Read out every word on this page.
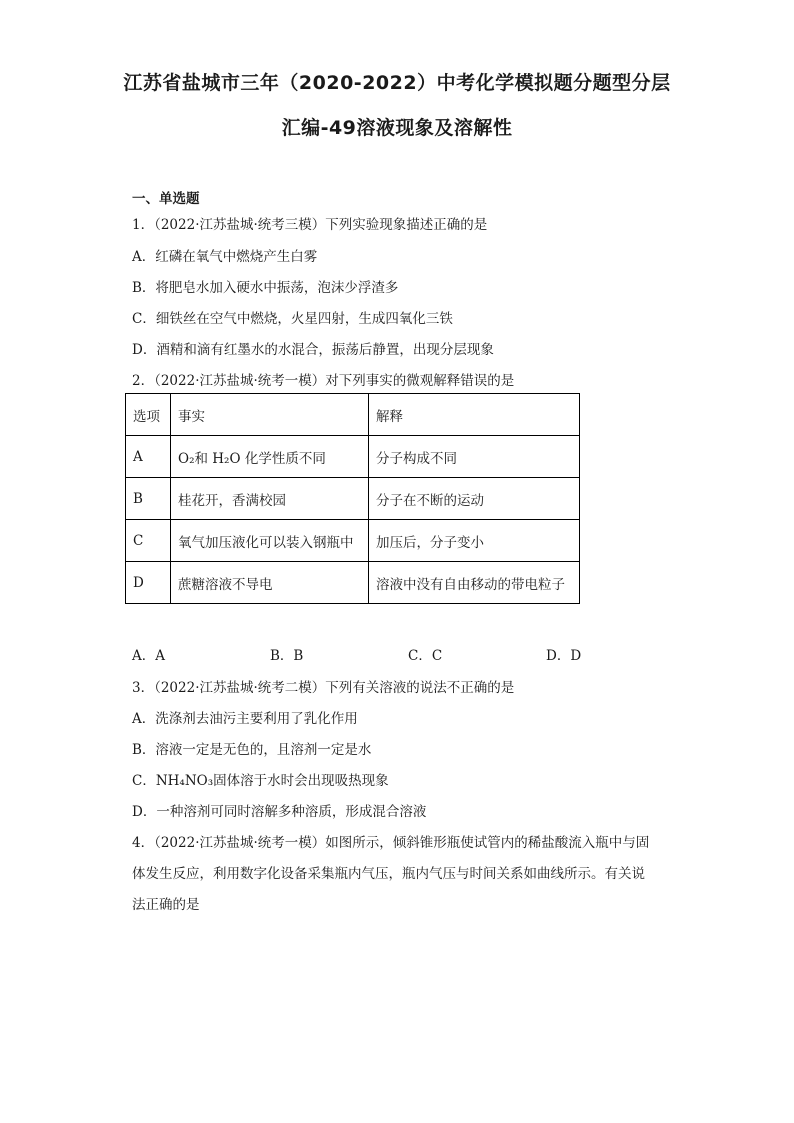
江苏省盐城市三年（2020-2022）中考化学模拟题分题型分层
汇编-49溶液现象及溶解性
一、单选题
1．（2022·江苏盐城·统考三模）下列实验现象描述正确的是
A．红磷在氧气中燃烧产生白雾
B．将肥皂水加入硬水中振荡，泡沫少浮渣多
C．细铁丝在空气中燃烧，火星四射，生成四氧化三铁
D．酒精和滴有红墨水的水混合，振荡后静置，出现分层现象
2．（2022·江苏盐城·统考一模）对下列事实的微观解释错误的是
选项	事实	解释
A	O₂和 H₂O 化学性质不同	分子构成不同
B	桂花开，香满校园	分子在不断的运动
C	氧气加压液化可以装入钢瓶中	加压后，分子变小
D	蔗糖溶液不导电	溶液中没有自由移动的带电粒子
A．A	B．B	C．C	D．D
3．（2022·江苏盐城·统考二模）下列有关溶液的说法不正确的是
A．洗涤剂去油污主要利用了乳化作用
B．溶液一定是无色的，且溶剂一定是水
C．NH₄NO₃固体溶于水时会出现吸热现象
D．一种溶剂可同时溶解多种溶质，形成混合溶液
4．（2022·江苏盐城·统考一模）如图所示，倾斜锥形瓶使试管内的稀盐酸流入瓶中与固
体发生反应，利用数字化设备采集瓶内气压，瓶内气压与时间关系如曲线所示。有关说
法正确的是
